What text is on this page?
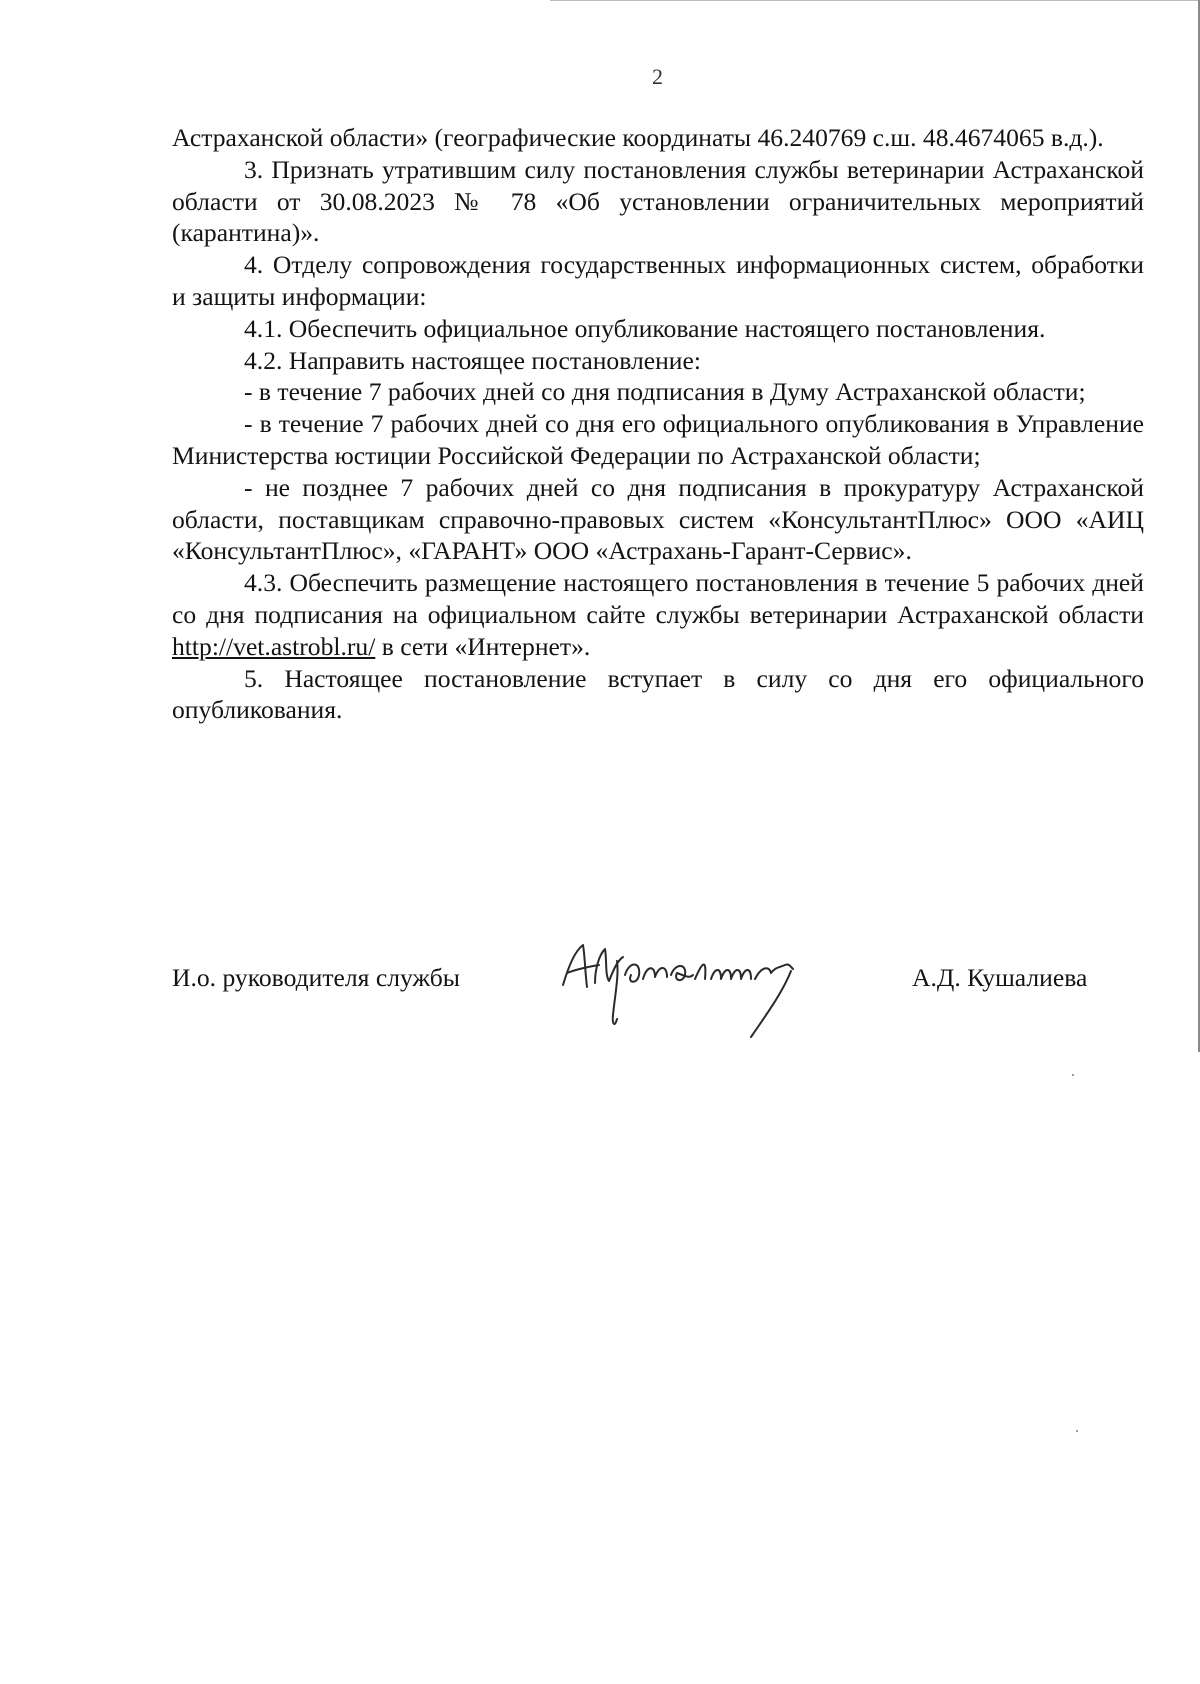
2

Астраханской области» (географические координаты 46.240769 с.ш. 48.4674065 в.д.).

3. Признать утратившим силу постановления службы ветеринарии Астраханской области от 30.08.2023 № 78 «Об установлении ограничительных мероприятий (карантина)».

4. Отделу сопровождения государственных информационных систем, обработки и защиты информации:

4.1. Обеспечить официальное опубликование настоящего постановления.

4.2. Направить настоящее постановление:

- в течение 7 рабочих дней со дня подписания в Думу Астраханской области;

- в течение 7 рабочих дней со дня его официального опубликования в Управление Министерства юстиции Российской Федерации по Астраханской области;

- не позднее 7 рабочих дней со дня подписания в прокуратуру Астраханской области, поставщикам справочно-правовых систем «КонсультантПлюс» ООО «АИЦ «КонсультантПлюс», «ГАРАНТ» ООО «Астрахань-Гарант-Сервис».

4.3. Обеспечить размещение настоящего постановления в течение 5 рабочих дней со дня подписания на официальном сайте службы ветеринарии Астраханской области http://vet.astrobl.ru/ в сети «Интернет».

5. Настоящее постановление вступает в силу со дня его официального опубликования.

И.о. руководителя службы	А.Д. Кушалиева
